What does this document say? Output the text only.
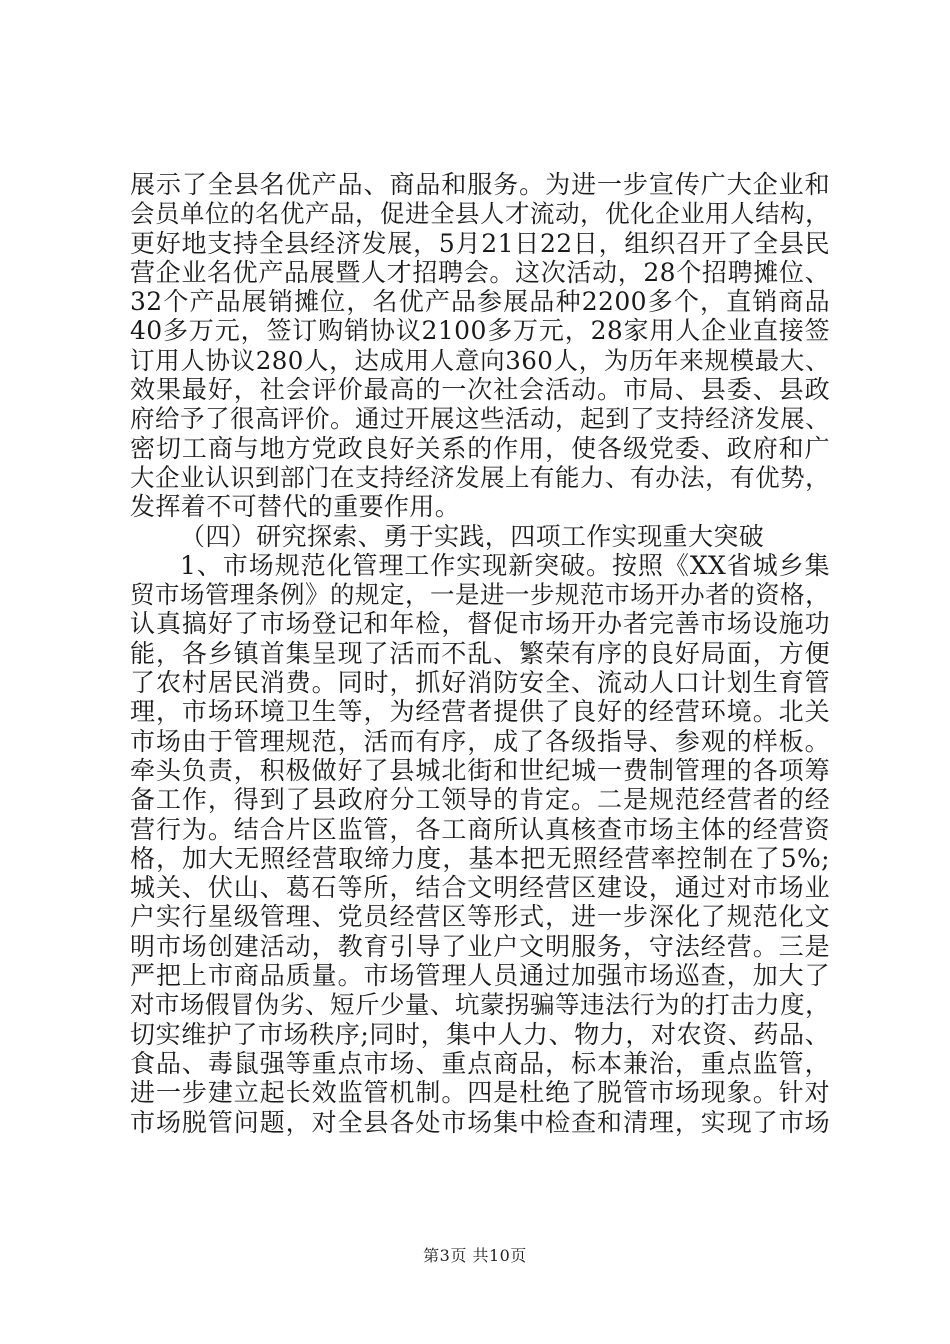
展示了全县名优产品、商品和服务。为进一步宣传广大企业和
会员单位的名优产品，促进全县人才流动，优化企业用人结构，
更好地支持全县经济发展，5月21日22日，组织召开了全县民
营企业名优产品展暨人才招聘会。这次活动，28个招聘摊位、
32个产品展销摊位，名优产品参展品种2200多个，直销商品
40多万元，签订购销协议2100多万元，28家用人企业直接签
订用人协议280人，达成用人意向360人，为历年来规模最大、
效果最好，社会评价最高的一次社会活动。市局、县委、县政
府给予了很高评价。通过开展这些活动，起到了支持经济发展、
密切工商与地方党政良好关系的作用，使各级党委、政府和广
大企业认识到部门在支持经济发展上有能力、有办法，有优势，
发挥着不可替代的重要作用。
（四）研究探索、勇于实践，四项工作实现重大突破
1、市场规范化管理工作实现新突破。按照《XX省城乡集
贸市场管理条例》的规定，一是进一步规范市场开办者的资格，
认真搞好了市场登记和年检，督促市场开办者完善市场设施功
能，各乡镇首集呈现了活而不乱、繁荣有序的良好局面，方便
了农村居民消费。同时，抓好消防安全、流动人口计划生育管
理，市场环境卫生等，为经营者提供了良好的经营环境。北关
市场由于管理规范，活而有序，成了各级指导、参观的样板。
牵头负责，积极做好了县城北街和世纪城一费制管理的各项筹
备工作，得到了县政府分工领导的肯定。二是规范经营者的经
营行为。结合片区监管，各工商所认真核查市场主体的经营资
格，加大无照经营取缔力度，基本把无照经营率控制在了5%;
城关、伏山、葛石等所，结合文明经营区建设，通过对市场业
户实行星级管理、党员经营区等形式，进一步深化了规范化文
明市场创建活动，教育引导了业户文明服务，守法经营。三是
严把上市商品质量。市场管理人员通过加强市场巡查，加大了
对市场假冒伪劣、短斤少量、坑蒙拐骗等违法行为的打击力度，
切实维护了市场秩序;同时，集中人力、物力，对农资、药品、
食品、毒鼠强等重点市场、重点商品，标本兼治，重点监管，
进一步建立起长效监管机制。四是杜绝了脱管市场现象。针对
市场脱管问题，对全县各处市场集中检查和清理，实现了市场
第3页 共10页
